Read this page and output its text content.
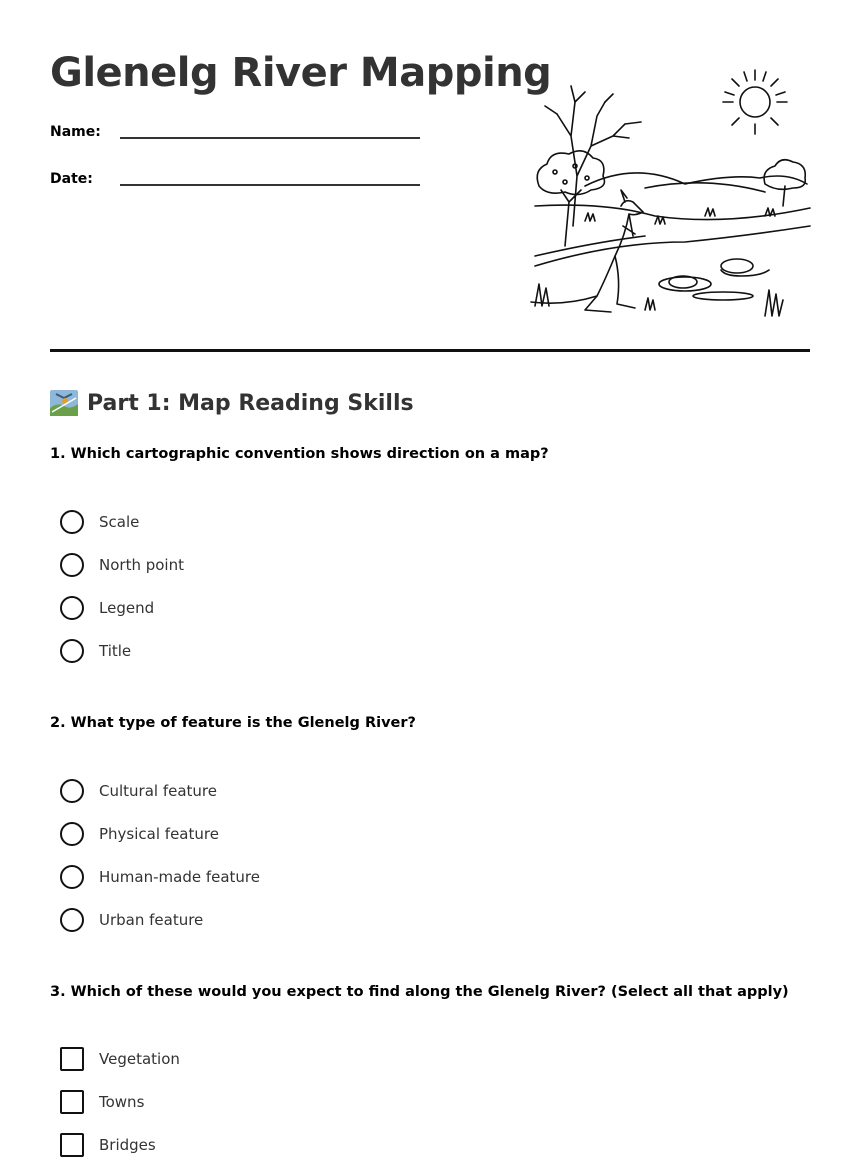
Glenelg River Mapping
Name:
Date:
Part 1: Map Reading Skills

1. Which cartographic convention shows direction on a map?

Scale
North point
Legend
Title

2. What type of feature is the Glenelg River?

Cultural feature
Physical feature
Human-made feature
Urban feature

3. Which of these would you expect to find along the Glenelg River? (Select all that apply)

Vegetation
Towns
Bridges
